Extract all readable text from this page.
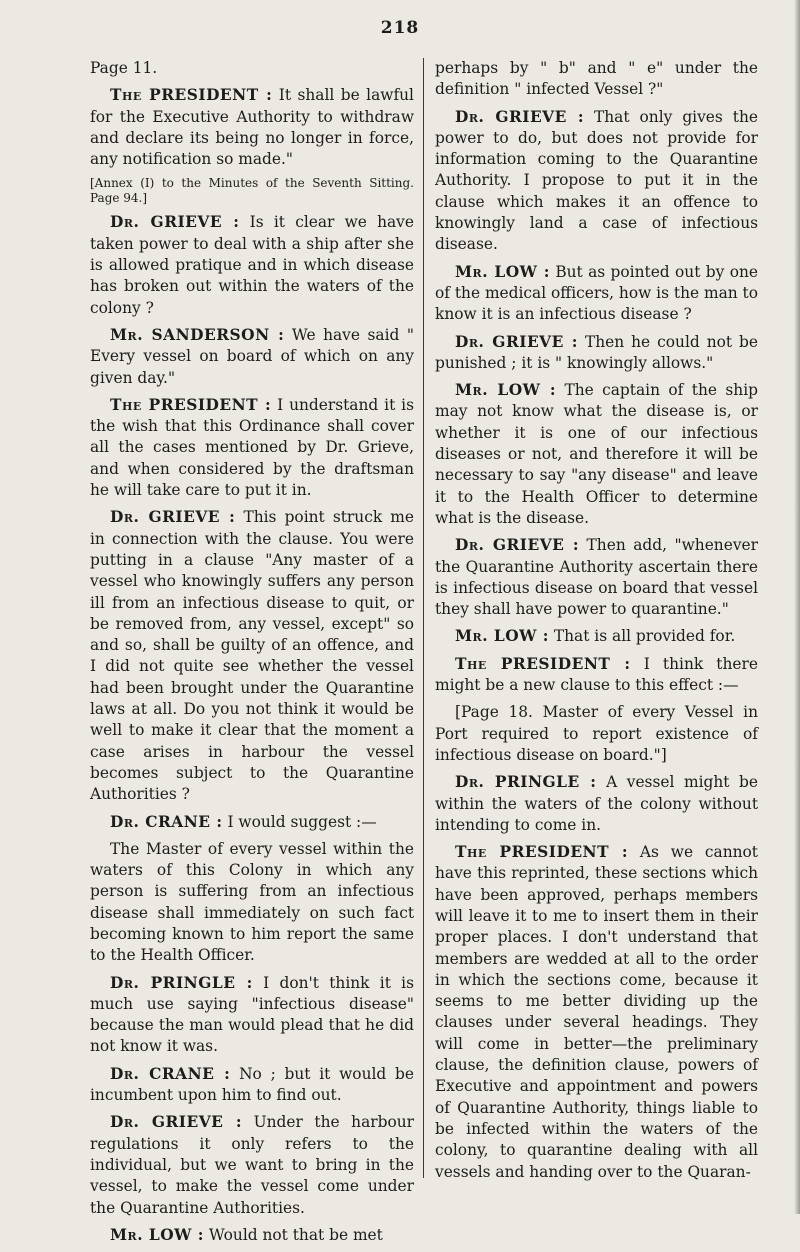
218

Page 11.

The PRESIDENT : It shall be lawful for the Executive Authority to withdraw and declare its being no longer in force, any notification so made."

[Annex (I) to the Minutes of the Seventh Sitting. Page 94.]

Dr. GRIEVE : Is it clear we have taken power to deal with a ship after she is allowed pratique and in which disease has broken out within the waters of the colony ?

Mr. SANDERSON : We have said " Every vessel on board of which on any given day."

The PRESIDENT : I understand it is the wish that this Ordinance shall cover all the cases mentioned by Dr. Grieve, and when considered by the draftsman he will take care to put it in.

Dr. GRIEVE : This point struck me in connection with the clause. You were putting in a clause "Any master of a vessel who knowingly suffers any person ill from an infectious disease to quit, or be removed from, any vessel, except" so and so, shall be guilty of an offence, and I did not quite see whether the vessel had been brought under the Quarantine laws at all. Do you not think it would be well to make it clear that the moment a case arises in harbour the vessel becomes subject to the Quarantine Authorities ?

Dr. CRANE : I would suggest :—

The Master of every vessel within the waters of this Colony in which any person is suffering from an infectious disease shall immediately on such fact becoming known to him report the same to the Health Officer.

Dr. PRINGLE : I don't think it is much use saying "infectious disease" because the man would plead that he did not know it was.

Dr. CRANE : No ; but it would be incumbent upon him to find out.

Dr. GRIEVE : Under the harbour regulations it only refers to the individual, but we want to bring in the vessel, to make the vessel come under the Quarantine Authorities.

Mr. LOW : Would not that be met

perhaps by " b" and " e" under the definition " infected Vessel ?"

Dr. GRIEVE : That only gives the power to do, but does not provide for information coming to the Quarantine Authority. I propose to put it in the clause which makes it an offence to knowingly land a case of infectious disease.

Mr. LOW : But as pointed out by one of the medical officers, how is the man to know it is an infectious disease ?

Dr. GRIEVE : Then he could not be punished ; it is " knowingly allows."

Mr. LOW : The captain of the ship may not know what the disease is, or whether it is one of our infectious diseases or not, and therefore it will be necessary to say "any disease" and leave it to the Health Officer to determine what is the disease.

Dr. GRIEVE : Then add, "whenever the Quarantine Authority ascertain there is infectious disease on board that vessel they shall have power to quarantine."

Mr. LOW : That is all provided for.

The PRESIDENT : I think there might be a new clause to this effect :—

[Page 18. Master of every Vessel in Port required to report existence of infectious disease on board."]

Dr. PRINGLE : A vessel might be within the waters of the colony without intending to come in.

The PRESIDENT : As we cannot have this reprinted, these sections which have been approved, perhaps members will leave it to me to insert them in their proper places. I don't understand that members are wedded at all to the order in which the sections come, because it seems to me better dividing up the clauses under several headings. They will come in better—the preliminary clause, the definition clause, powers of Executive and appointment and powers of Quarantine Authority, things liable to be infected within the waters of the colony, to quarantine dealing with all vessels and handing over to the Quaran-
